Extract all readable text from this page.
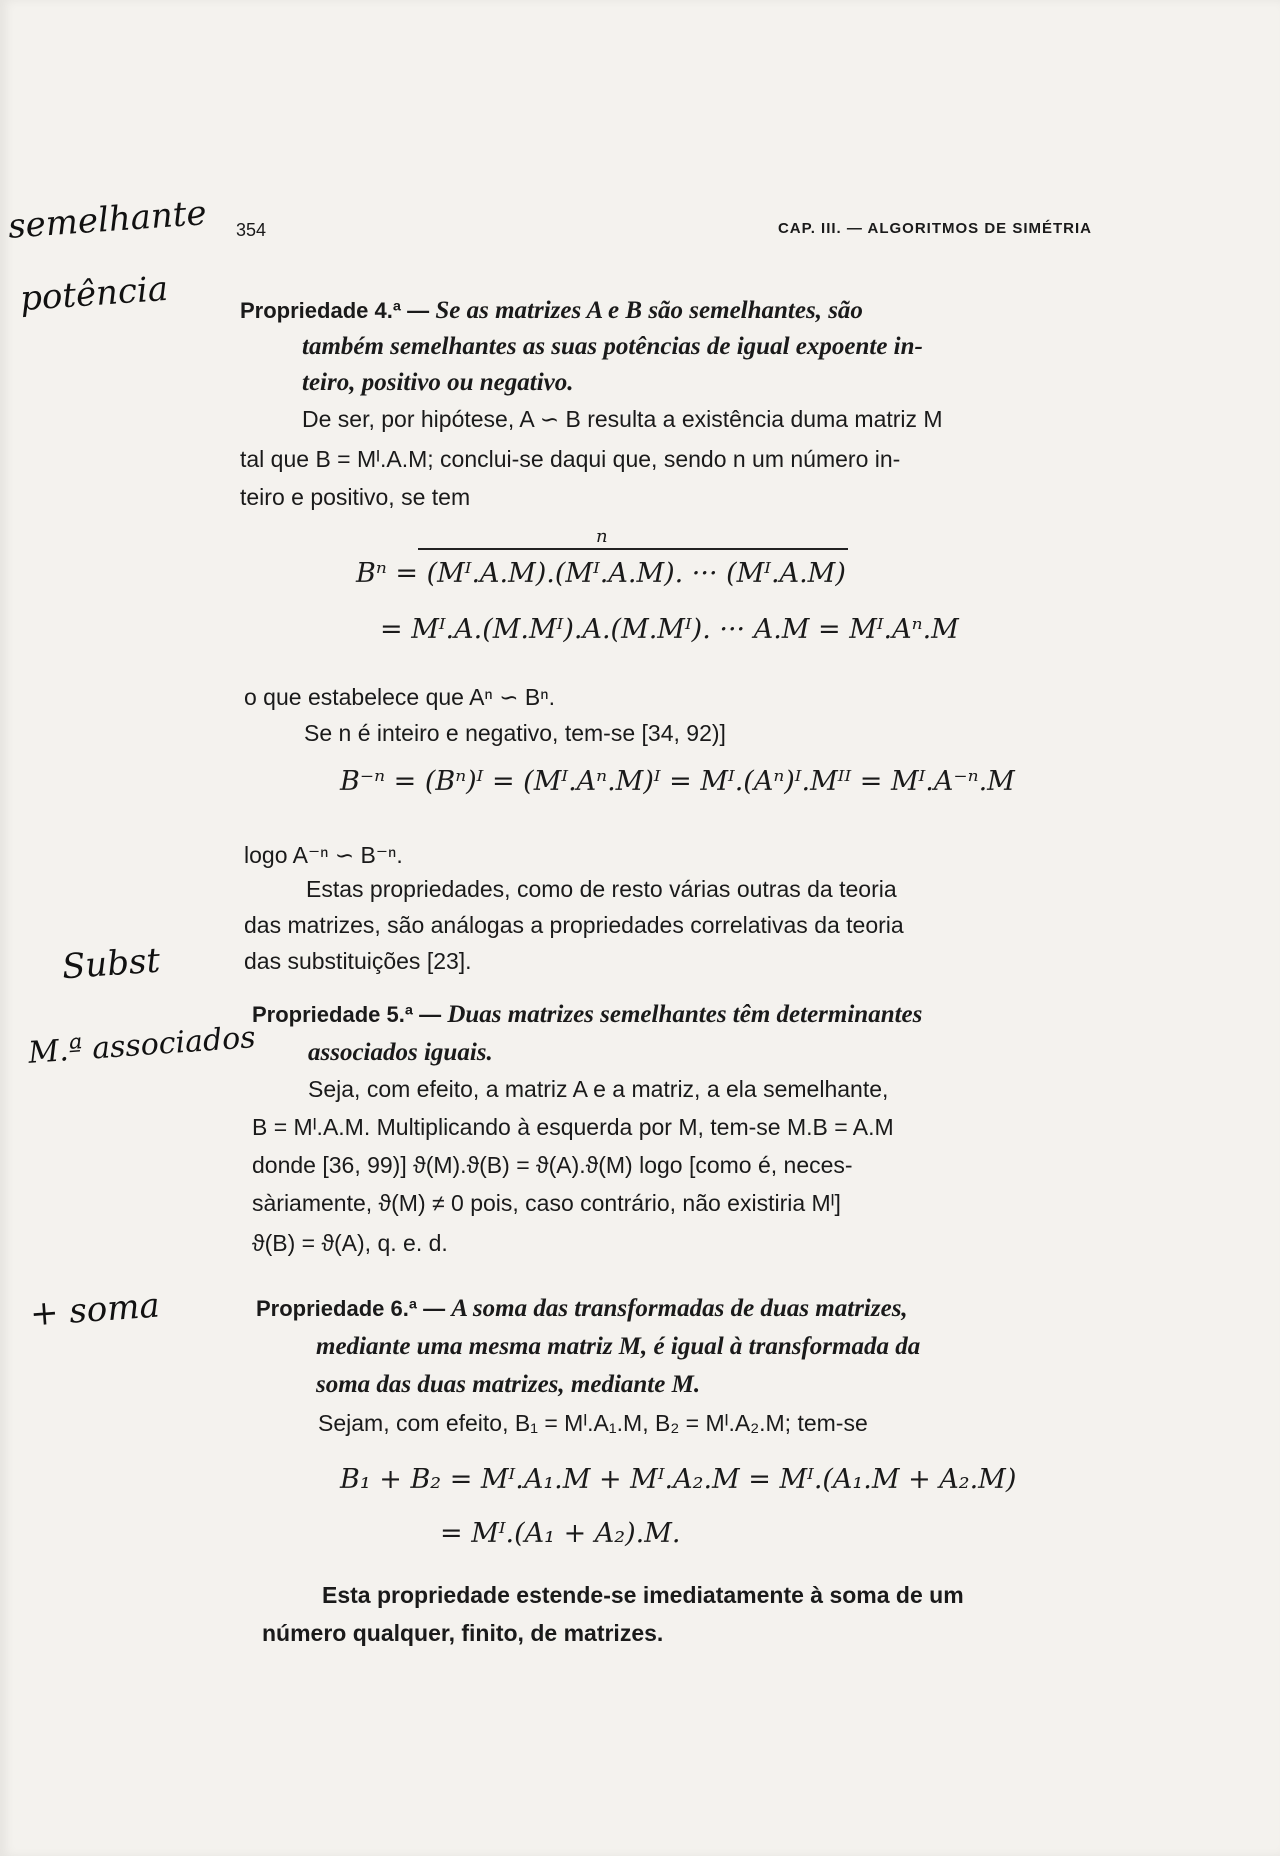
354	CAP. III. — ALGORITMOS DE SIMÉTRIA
semelhante
potência
Subst
M.ª associados
+ soma
Propriedade 4.ª — Se as matrizes A e B são semelhantes, são
também semelhantes as suas potências de igual expoente in-
teiro, positivo ou negativo.
De ser, por hipótese, A ∽ B resulta a existência duma matriz M
tal que B = Mᴵ.A.M; conclui-se daqui que, sendo n um número in-
teiro e positivo, se tem
n
Bⁿ = (Mᴵ.A.M).(Mᴵ.A.M). ··· (Mᴵ.A.M)
= Mᴵ.A.(M.Mᴵ).A.(M.Mᴵ). ··· A.M = Mᴵ.Aⁿ.M
o que estabelece que Aⁿ ∽ Bⁿ.
Se n é inteiro e negativo, tem-se [34, 92)]
B⁻ⁿ = (Bⁿ)ᴵ = (Mᴵ.Aⁿ.M)ᴵ = Mᴵ.(Aⁿ)ᴵ.Mᴵᴵ = Mᴵ.A⁻ⁿ.M
logo A⁻ⁿ ∽ B⁻ⁿ.
Estas propriedades, como de resto várias outras da teoria
das matrizes, são análogas a propriedades correlativas da teoria
das substituições [23].
Propriedade 5.ª — Duas matrizes semelhantes têm determinantes
associados iguais.
Seja, com efeito, a matriz A e a matriz, a ela semelhante,
B = Mᴵ.A.M. Multiplicando à esquerda por M, tem-se M.B = A.M
donde [36, 99)] ϑ(M).ϑ(B) = ϑ(A).ϑ(M) logo [como é, neces-
sàriamente, ϑ(M) ≠ 0 pois, caso contrário, não existiria Mᴵ]
ϑ(B) = ϑ(A), q. e. d.
Propriedade 6.ª — A soma das transformadas de duas matrizes,
mediante uma mesma matriz M, é igual à transformada da
soma das duas matrizes, mediante M.
Sejam, com efeito, B₁ = Mᴵ.A₁.M, B₂ = Mᴵ.A₂.M; tem-se
B₁ + B₂ = Mᴵ.A₁.M + Mᴵ.A₂.M = Mᴵ.(A₁.M + A₂.M)
= Mᴵ.(A₁ + A₂).M.
Esta propriedade estende-se imediatamente à soma de um
número qualquer, finito, de matrizes.
